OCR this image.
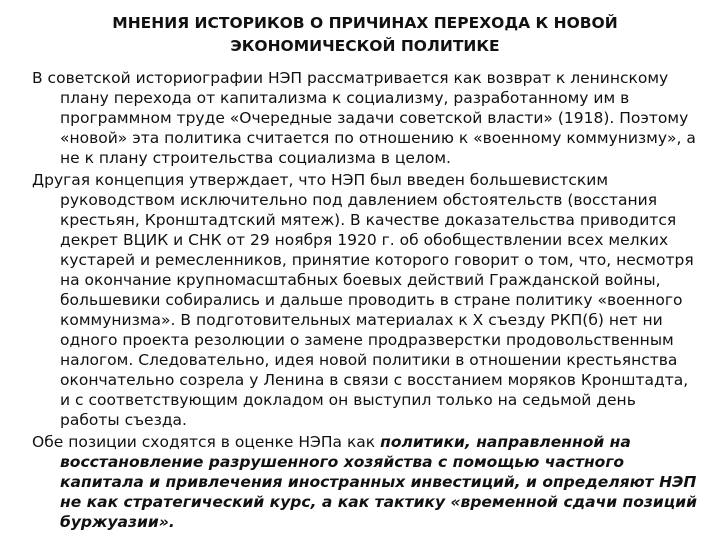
МНЕНИЯ ИСТОРИКОВ О ПРИЧИНАХ ПЕРЕХОДА К НОВОЙ
ЭКОНОМИЧЕСКОЙ ПОЛИТИКЕ

В советской историографии НЭП рассматривается как возврат к ленинскому плану перехода от капитализма к социализму, разработанному им в программном труде «Очередные задачи советской власти» (1918). Поэтому «новой» эта политика считается по отношению к «военному коммунизму», а не к плану строительства социализма в целом.

Другая концепция утверждает, что НЭП был введен большевистским руководством исключительно под давлением обстоятельств (восстания крестьян, Кронштадтский мятеж). В качестве доказательства приводится декрет ВЦИК и СНК от 29 ноября 1920 г. об обобществлении всех мелких кустарей и ремесленников, принятие которого говорит о том, что, несмотря на окончание крупномасштабных боевых действий Гражданской войны, большевики собирались и дальше проводить в стране политику «военного коммунизма». В подготовительных материалах к X съезду РКП(б) нет ни одного проекта резолюции о замене продразверстки продовольственным налогом. Следовательно, идея новой политики в отношении крестьянства окончательно созрела у Ленина в связи с восстанием моряков Кронштадта, и с соответствующим докладом он выступил только на седьмой день работы съезда.

Обе позиции сходятся в оценке НЭПа как политики, направленной на восстановление разрушенного хозяйства с помощью частного капитала и привлечения иностранных инвестиций, и определяют НЭП не как стратегический курс, а как тактику «временной сдачи позиций буржуазии».
